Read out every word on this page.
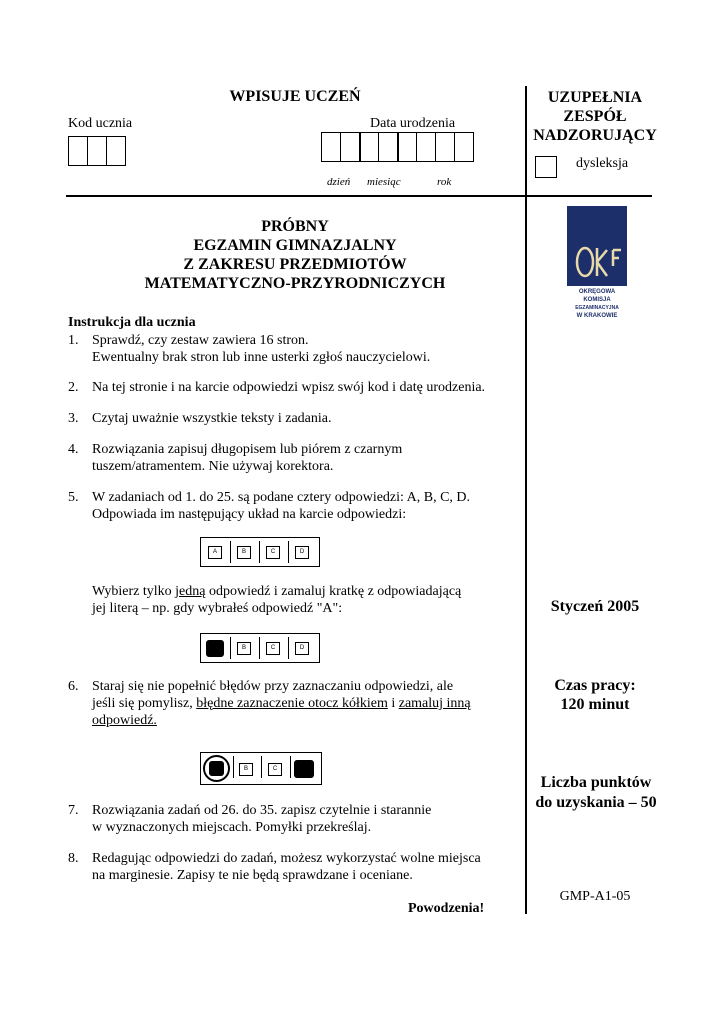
WPISUJE UCZEŃ
Kod ucznia	Data urodzenia
dzień miesiąc	rok
UZUPEŁNIA
ZESPÓŁ
NADZORUJĄCY
dysleksja
OKRĘGOWA
KOMISJA
EGZAMINACYJNA
W KRAKOWIE
PRÓBNY
EGZAMIN GIMNAZJALNY
Z ZAKRESU PRZEDMIOTÓW
MATEMATYCZNO-PRZYRODNICZYCH
Instrukcja dla ucznia
1. Sprawdź, czy zestaw zawiera 16 stron.
Ewentualny brak stron lub inne usterki zgłoś nauczycielowi.
2. Na tej stronie i na karcie odpowiedzi wpisz swój kod i datę urodzenia.
3. Czytaj uważnie wszystkie teksty i zadania.
4. Rozwiązania zapisuj długopisem lub piórem z czarnym
tuszem/atramentem. Nie używaj korektora.
5. W zadaniach od 1. do 25. są podane cztery odpowiedzi: A, B, C, D.
Odpowiada im następujący układ na karcie odpowiedzi:
A	B	C	D
Wybierz tylko jedną odpowiedź i zamaluj kratkę z odpowiadającą
jej literą – np. gdy wybrałeś odpowiedź "A":
B	C	D
6. Staraj się nie popełnić błędów przy zaznaczaniu odpowiedzi, ale
jeśli się pomylisz, błędne zaznaczenie otocz kółkiem i zamaluj inną
odpowiedź.
B	C
7. Rozwiązania zadań od 26. do 35. zapisz czytelnie i starannie
w wyznaczonych miejscach. Pomyłki przekreślaj.
8. Redagując odpowiedzi do zadań, możesz wykorzystać wolne miejsca
na marginesie. Zapisy te nie będą sprawdzane i oceniane.
Powodzenia!
Styczeń 2005
Czas pracy:
120 minut
Liczba punktów
do uzyskania – 50
GMP-A1-05
